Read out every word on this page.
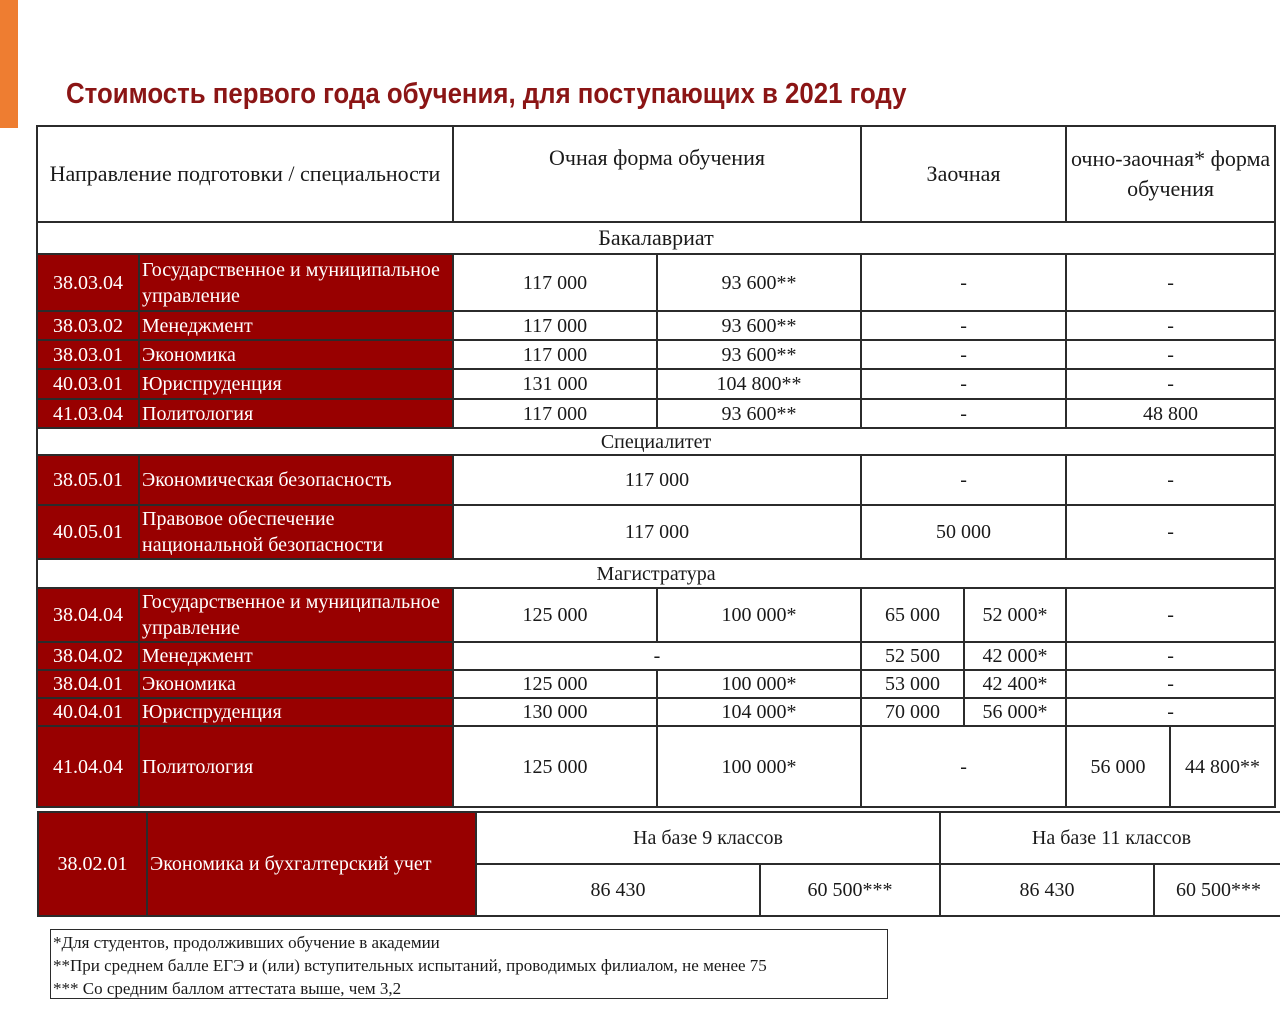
Стоимость первого года обучения, для поступающих в 2021 году
Направление подготовки / специальности		Очная форма обучения		Заочная		очно-заочная* форма обучения	
Бакалавриат							
38.03.04	Государственное и муниципальное управление	117 000	93 600**	-		-	
38.03.02	Менеджмент	117 000	93 600**	-		-	
38.03.01	Экономика	117 000	93 600**	-		-	
40.03.01	Юриспруденция	131 000	104 800**	-		-	
41.03.04	Политология	117 000	93 600**	-		48 800	
Специалитет							
38.05.01	Экономическая безопасность	117 000		-		-	
40.05.01	Правовое обеспечение национальной безопасности	117 000		50 000		-	
Магистратура							
38.04.04	Государственное и муниципальное управление	125 000	100 000*	65 000	52 000*	-	
38.04.02	Менеджмент	-		52 500	42 000*	-	
38.04.01	Экономика	125 000	100 000*	53 000	42 400*	-	
40.04.01	Юриспруденция	130 000	104 000*	70 000	56 000*	-	
41.04.04	Политология	125 000	100 000*	-		56 000	44 800**
38.02.01	Экономика и бухгалтерский учет	На базе 9 классов		На базе 11 классов	
		86 430	60 500***	86 430	60 500***
*Для студентов, продолживших обучение в академии
**При среднем балле ЕГЭ и (или) вступительных испытаний, проводимых филиалом, не менее 75
*** Со средним баллом аттестата выше, чем 3,2
